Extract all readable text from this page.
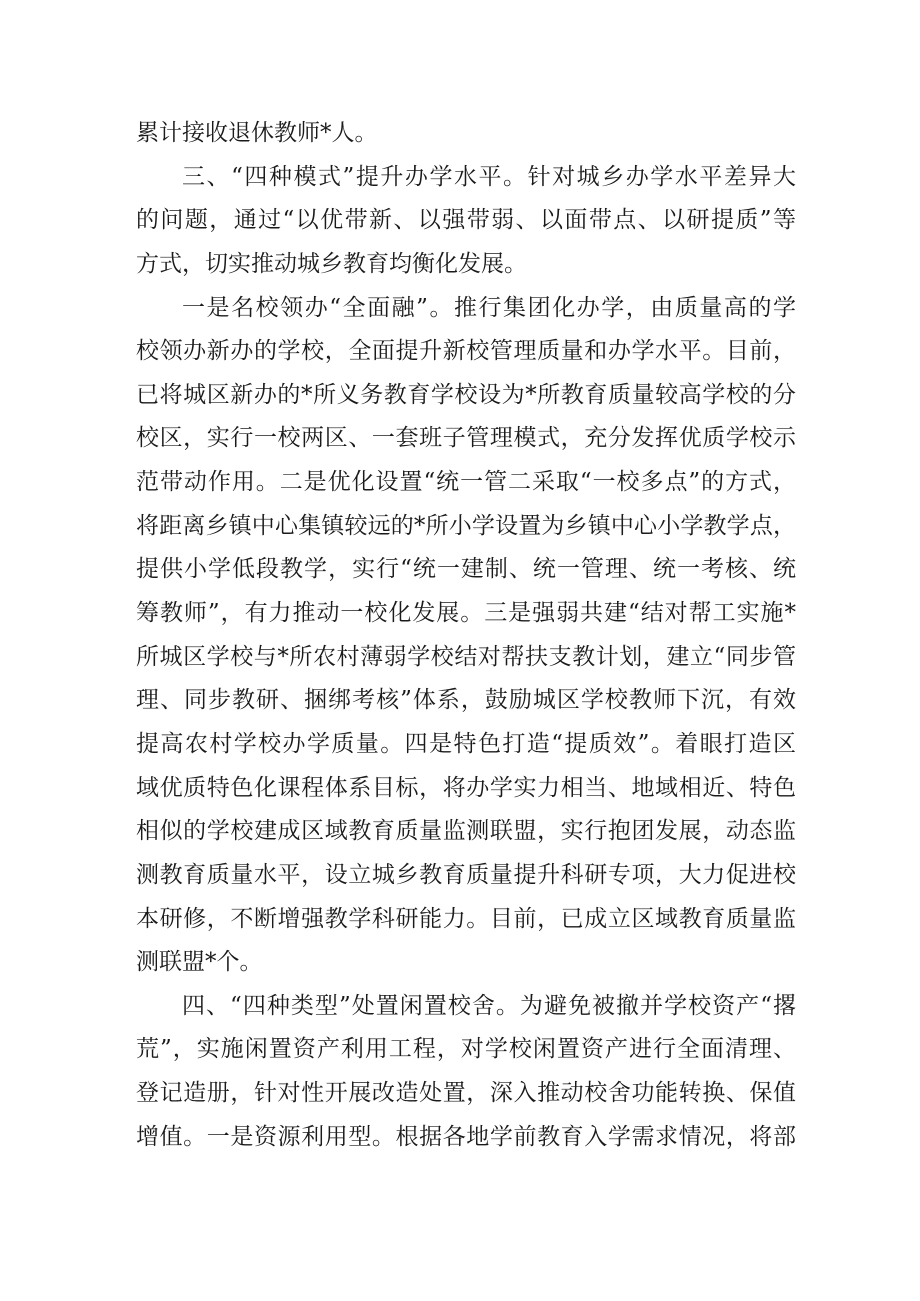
累计接收退休教师*人。
三、“四种模式”提升办学水平。针对城乡办学水平差异大
的问题，通过“以优带新、以强带弱、以面带点、以研提质”等
方式，切实推动城乡教育均衡化发展。
一是名校领办“全面融”。推行集团化办学，由质量高的学
校领办新办的学校，全面提升新校管理质量和办学水平。目前，
已将城区新办的*所义务教育学校设为*所教育质量较高学校的分
校区，实行一校两区、一套班子管理模式，充分发挥优质学校示
范带动作用。二是优化设置“统一管二采取“一校多点”的方式，
将距离乡镇中心集镇较远的*所小学设置为乡镇中心小学教学点，
提供小学低段教学，实行“统一建制、统一管理、统一考核、统
筹教师”，有力推动一校化发展。三是强弱共建“结对帮工实施*
所城区学校与*所农村薄弱学校结对帮扶支教计划，建立“同步管
理、同步教研、捆绑考核”体系，鼓励城区学校教师下沉，有效
提高农村学校办学质量。四是特色打造“提质效”。着眼打造区
域优质特色化课程体系目标，将办学实力相当、地域相近、特色
相似的学校建成区域教育质量监测联盟，实行抱团发展，动态监
测教育质量水平，设立城乡教育质量提升科研专项，大力促进校
本研修，不断增强教学科研能力。目前，已成立区域教育质量监
测联盟*个。
四、“四种类型”处置闲置校舍。为避免被撤并学校资产“撂
荒”，实施闲置资产利用工程，对学校闲置资产进行全面清理、
登记造册，针对性开展改造处置，深入推动校舍功能转换、保值
增值。一是资源利用型。根据各地学前教育入学需求情况，将部
